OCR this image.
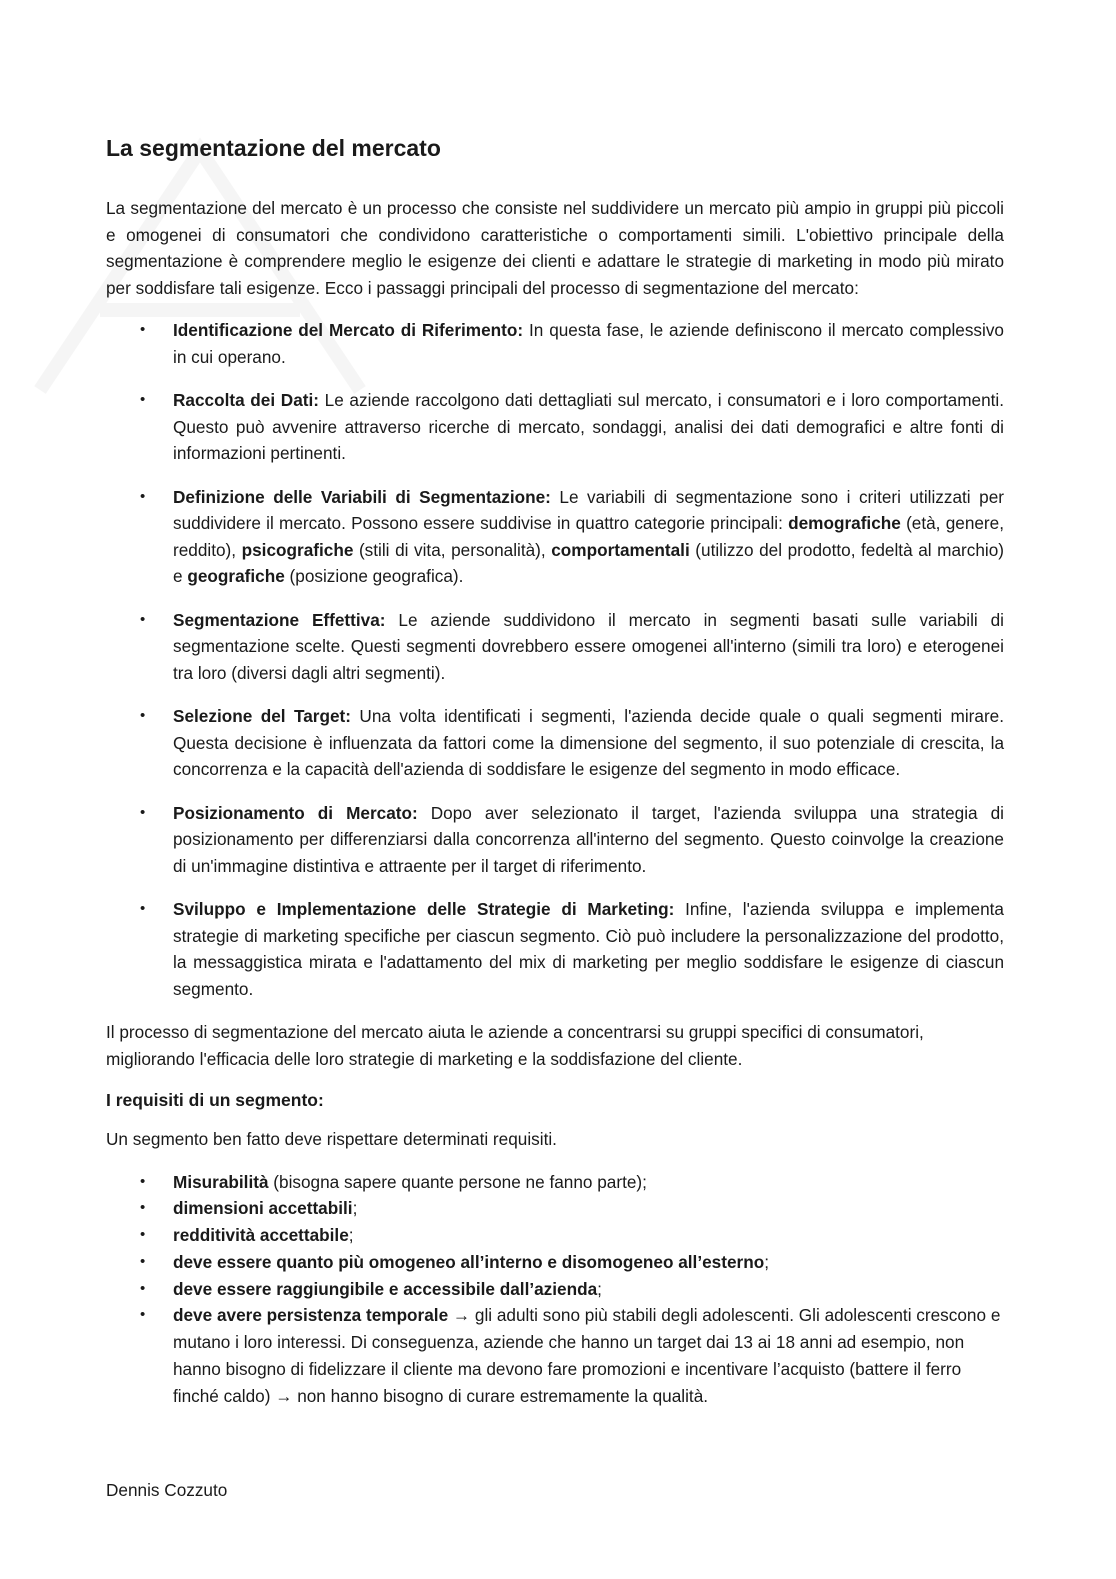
La segmentazione del mercato

La segmentazione del mercato è un processo che consiste nel suddividere un mercato più ampio in gruppi più piccoli e omogenei di consumatori che condividono caratteristiche o comportamenti simili. L'obiettivo principale della segmentazione è comprendere meglio le esigenze dei clienti e adattare le strategie di marketing in modo più mirato per soddisfare tali esigenze. Ecco i passaggi principali del processo di segmentazione del mercato:

• Identificazione del Mercato di Riferimento: In questa fase, le aziende definiscono il mercato complessivo in cui operano.
• Raccolta dei Dati: Le aziende raccolgono dati dettagliati sul mercato, i consumatori e i loro comportamenti. Questo può avvenire attraverso ricerche di mercato, sondaggi, analisi dei dati demografici e altre fonti di informazioni pertinenti.
• Definizione delle Variabili di Segmentazione: Le variabili di segmentazione sono i criteri utilizzati per suddividere il mercato. Possono essere suddivise in quattro categorie principali: demografiche (età, genere, reddito), psicografiche (stili di vita, personalità), comportamentali (utilizzo del prodotto, fedeltà al marchio) e geografiche (posizione geografica).
• Segmentazione Effettiva: Le aziende suddividono il mercato in segmenti basati sulle variabili di segmentazione scelte. Questi segmenti dovrebbero essere omogenei all'interno (simili tra loro) e eterogenei tra loro (diversi dagli altri segmenti).
• Selezione del Target: Una volta identificati i segmenti, l'azienda decide quale o quali segmenti mirare. Questa decisione è influenzata da fattori come la dimensione del segmento, il suo potenziale di crescita, la concorrenza e la capacità dell'azienda di soddisfare le esigenze del segmento in modo efficace.
• Posizionamento di Mercato: Dopo aver selezionato il target, l'azienda sviluppa una strategia di posizionamento per differenziarsi dalla concorrenza all'interno del segmento. Questo coinvolge la creazione di un'immagine distintiva e attraente per il target di riferimento.
• Sviluppo e Implementazione delle Strategie di Marketing: Infine, l'azienda sviluppa e implementa strategie di marketing specifiche per ciascun segmento. Ciò può includere la personalizzazione del prodotto, la messaggistica mirata e l'adattamento del mix di marketing per meglio soddisfare le esigenze di ciascun segmento.

Il processo di segmentazione del mercato aiuta le aziende a concentrarsi su gruppi specifici di consumatori, migliorando l'efficacia delle loro strategie di marketing e la soddisfazione del cliente.

I requisiti di un segmento:

Un segmento ben fatto deve rispettare determinati requisiti.

• Misurabilità (bisogna sapere quante persone ne fanno parte);
• dimensioni accettabili;
• redditività accettabile;
• deve essere quanto più omogeneo all’interno e disomogeneo all’esterno;
• deve essere raggiungibile e accessibile dall’azienda;
• deve avere persistenza temporale → gli adulti sono più stabili degli adolescenti. Gli adolescenti crescono e mutano i loro interessi. Di conseguenza, aziende che hanno un target dai 13 ai 18 anni ad esempio, non hanno bisogno di fidelizzare il cliente ma devono fare promozioni e incentivare l’acquisto (battere il ferro finché caldo) → non hanno bisogno di curare estremamente la qualità.
Dennis Cozzuto
